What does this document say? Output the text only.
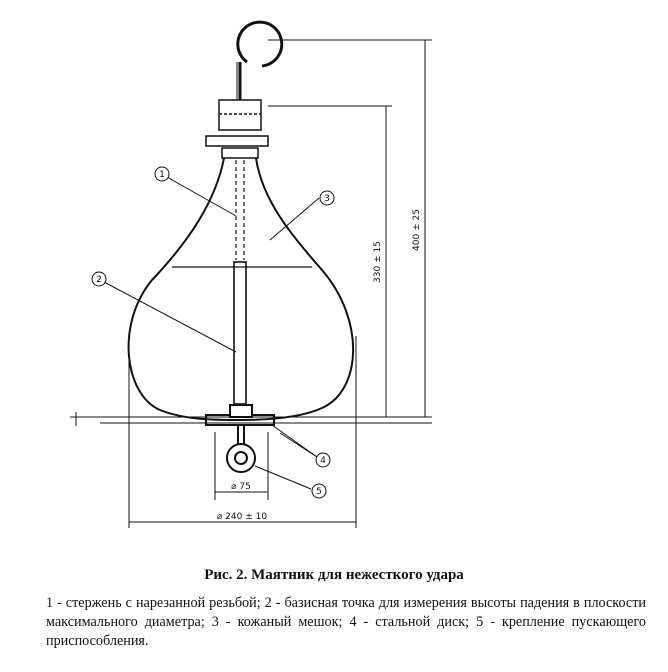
1
2
3
4
5
400 ± 25
330 ± 15
⌀ 75
⌀ 240 ± 10
Рис. 2. Маятник для нежесткого удара
1 - стержень с нарезанной резьбой; 2 - базисная точка для измерения высоты падения в плоскости максимального диаметра; 3 - кожаный мешок; 4 - стальной диск; 5 - крепление пускающего приспособления.
